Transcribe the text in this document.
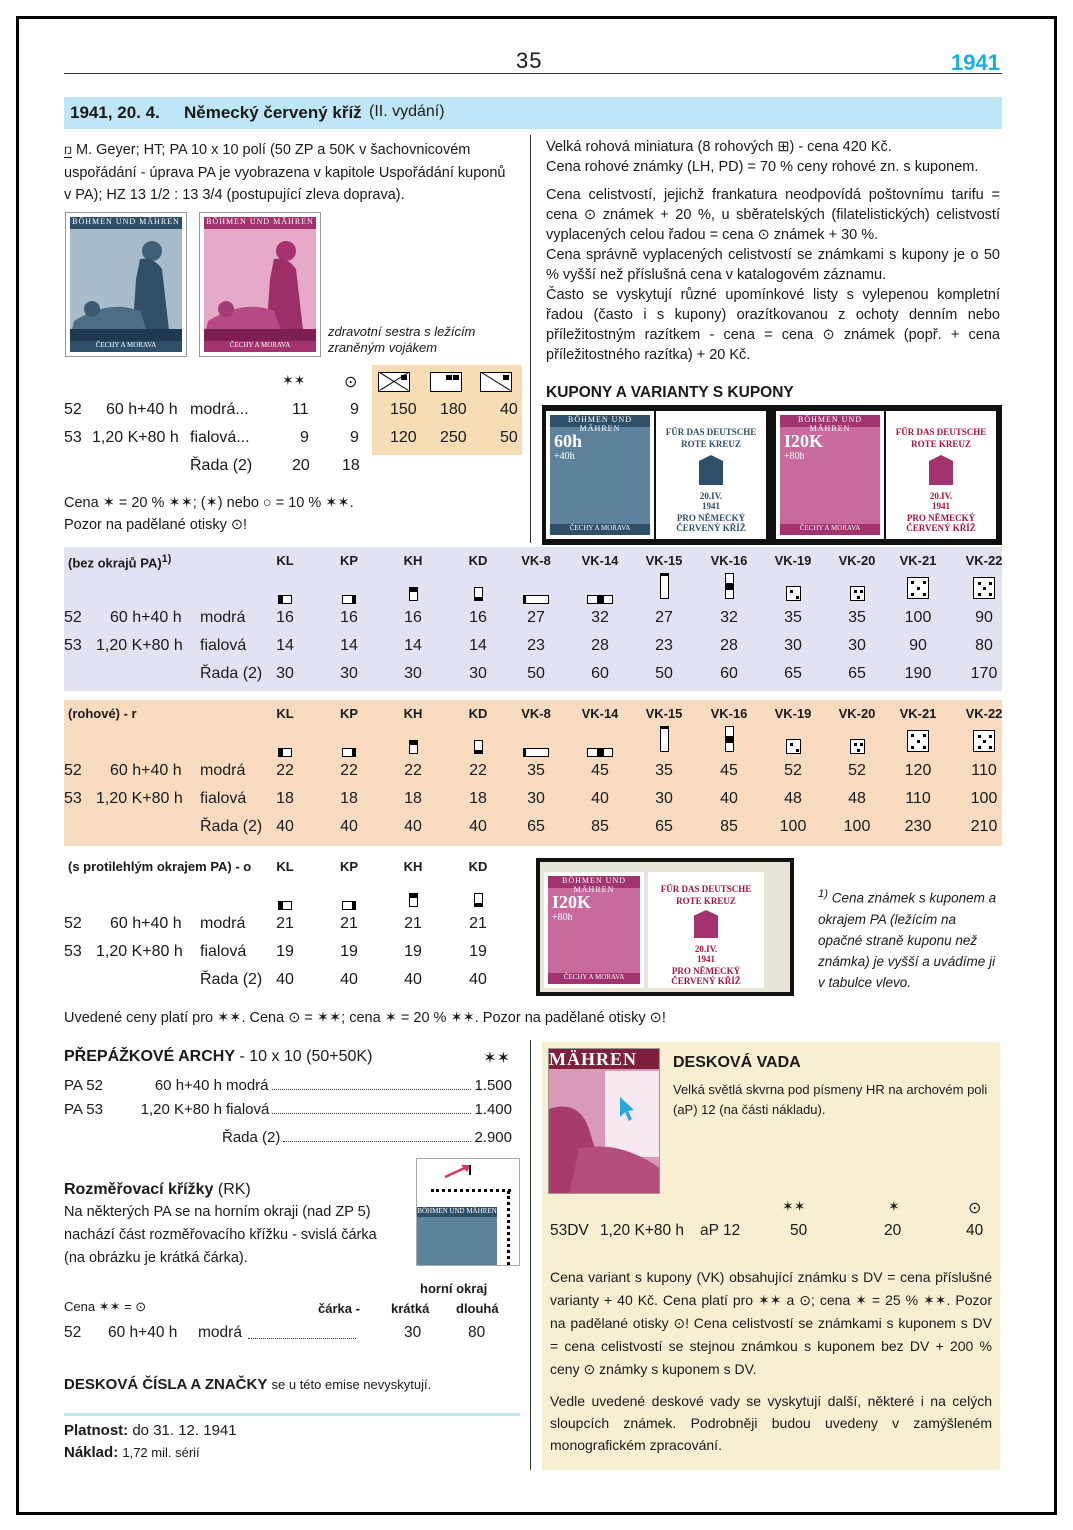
35	1941
1941, 20. 4. Německý červený kříž (II. vydání)
Ŋ M. Geyer; HT; PA 10 x 10 polí (50 ZP a 50K v šachovnicovém
uspořádání - úprava PA je vyobrazena v kapitole Uspořádání kuponů
v PA); HZ 13 1/2 : 13 3/4 (postupující zleva doprava).
BÖHMEN UND MÄHREN
ČECHY A MORAVA
BÖHMEN UND MÄHREN
ČECHY A MORAVA
zdravotní sestra s ležícím
zraněným vojákem
✶✶ ⊙
52 60 h+40 h modrá...	11	9 150 180 40
53 1,20 K+80 h fialová...	9	9 120 250 50
Řada (2) 20 18
Cena ✶ = 20 % ✶✶; (✶) nebo ○ = 10 % ✶✶.
Pozor na padělané otisky ⊙!
Velká rohová miniatura (8 rohových ⊞) - cena 420 Kč.
Cena rohové známky (LH, PD) = 70 % ceny rohové zn. s kuponem.
Cena celistvostí, jejichž frankatura neodpovídá poštovnímu tarifu = cena ⊙ známek + 20 %, u sběratelských (filatelistických) celistvostí vyplacených celou řadou = cena ⊙ známek + 30 %.
Cena správně vyplacených celistvostí se známkami s kupony je o 50 % vyšší než příslušná cena v katalogovém záznamu.
Často se vyskytují různé upomínkové listy s vylepenou kompletní řadou (často i s kupony) orazítkovanou z ochoty denním nebo příležitostným razítkem - cena = cena ⊙ známek (popř. + cena příležitostného razítka) + 20 Kč.
KUPONY A VARIANTY S KUPONY
BÖHMEN UND MÄHREN
60h
+40h
ČECHY A MORAVA
FÜR DAS DEUTSCHE
ROTE KREUZ
20.IV.
1941
PRO NĚMECKÝ
ČERVENÝ KŘÍŽ
BÖHMEN UND MÄHREN
I20K
+80h
ČECHY A MORAVA
FÜR DAS DEUTSCHE
ROTE KREUZ
20.IV.
1941
PRO NĚMECKÝ
ČERVENÝ KŘÍŽ
(bez okrajů PA)$^{1)}$	KL	KP	KH	KD	VK-8	VK-14 VK-15 VK-16 VK-19 VK-20 VK-21 VK-22
52 60 h+40 h modrá	16	16	16	16	27	32	27	32	35	35	100	90
53 1,20 K+80 h fialová	14	14	14	14	23	28	23	28	30	30	90	80
Řada (2) 30	30	30	30	50	60	50	60	65	65	190	170
(rohové) - r	KL	KP	KH	KD	VK-8	VK-14 VK-15 VK-16 VK-19 VK-20 VK-21 VK-22
52 60 h+40 h modrá	22	22	22	22	35	45	35	45	52	52	120	110
53 1,20 K+80 h fialová	18	18	18	18	30	40	30	40	48	48	110	100
Řada (2) 40	40	40	40	65	85	65	85	100	100	230	210
(s protilehlým okrajem PA) - o	KL	KP	KH	KD
52 60 h+40 h modrá	21	21	21	21
53 1,20 K+80 h fialová	19	19	19	19
Řada (2) 40	40	40	40
BÖHMEN UND MÄHREN
I20K
+80h
ČECHY A MORAVA
FÜR DAS DEUTSCHE
ROTE KREUZ
20.IV.
1941
PRO NĚMECKÝ
ČERVENÝ KŘÍŽ
$^{1)}$ Cena známek s kuponem a okrajem PA (ležícím na opačné straně kuponu než známka) je vyšší a uvádíme ji v tabulce vlevo.
Uvedené ceny platí pro ✶✶. Cena ⊙ = ✶✶; cena ✶ = 20 % ✶✶. Pozor na padělané otisky ⊙!
PŘEPÁŽKOVÉ ARCHY - 10 x 10 (50+50K)	✶✶
PA 52	60 h+40 h modrá	1.500
PA 53	1,20 K+80 h fialová	1.400
Řada (2)	2.900
BÖHMEN UND MÄHREN
Rozměřovací křížky (RK)
Na některých PA se na horním okraji (nad ZP 5)
nachází část rozměřovacího křížku - svislá čárka
(na obrázku je krátká čárka).
horní okraj
Cena ✶✶ = ⊙	čárka - krátká dlouhá
52 60 h+40 h modrá	30	80
DESKOVÁ ČÍSLA A ZNAČKY se u této emise nevyskytují.
Platnost: do 31. 12. 1941
Náklad: 1,72 mil. sérií
MÄHREN	DESKOVÁ VADA
Velká světlá skvrna pod písmeny HR na archovém poli (aP) 12 (na části nákladu).
✶✶	✶	⊙
53DV 1,20 K+80 h aP 12	50	20	40
Cena variant s kupony (VK) obsahující známku s DV = cena příslušné varianty + 40 Kč. Cena platí pro ✶✶ a ⊙; cena ✶ = 25 % ✶✶. Pozor na padělané otisky ⊙! Cena celistvostí se známkami s kuponem s DV = cena celistvostí se stejnou známkou s kuponem bez DV + 200 % ceny ⊙ známky s kuponem s DV.
Vedle uvedené deskové vady se vyskytují další, některé i na celých sloupcích známek. Podrobněji budou uvedeny v zamýšleném monografickém zpracování.
